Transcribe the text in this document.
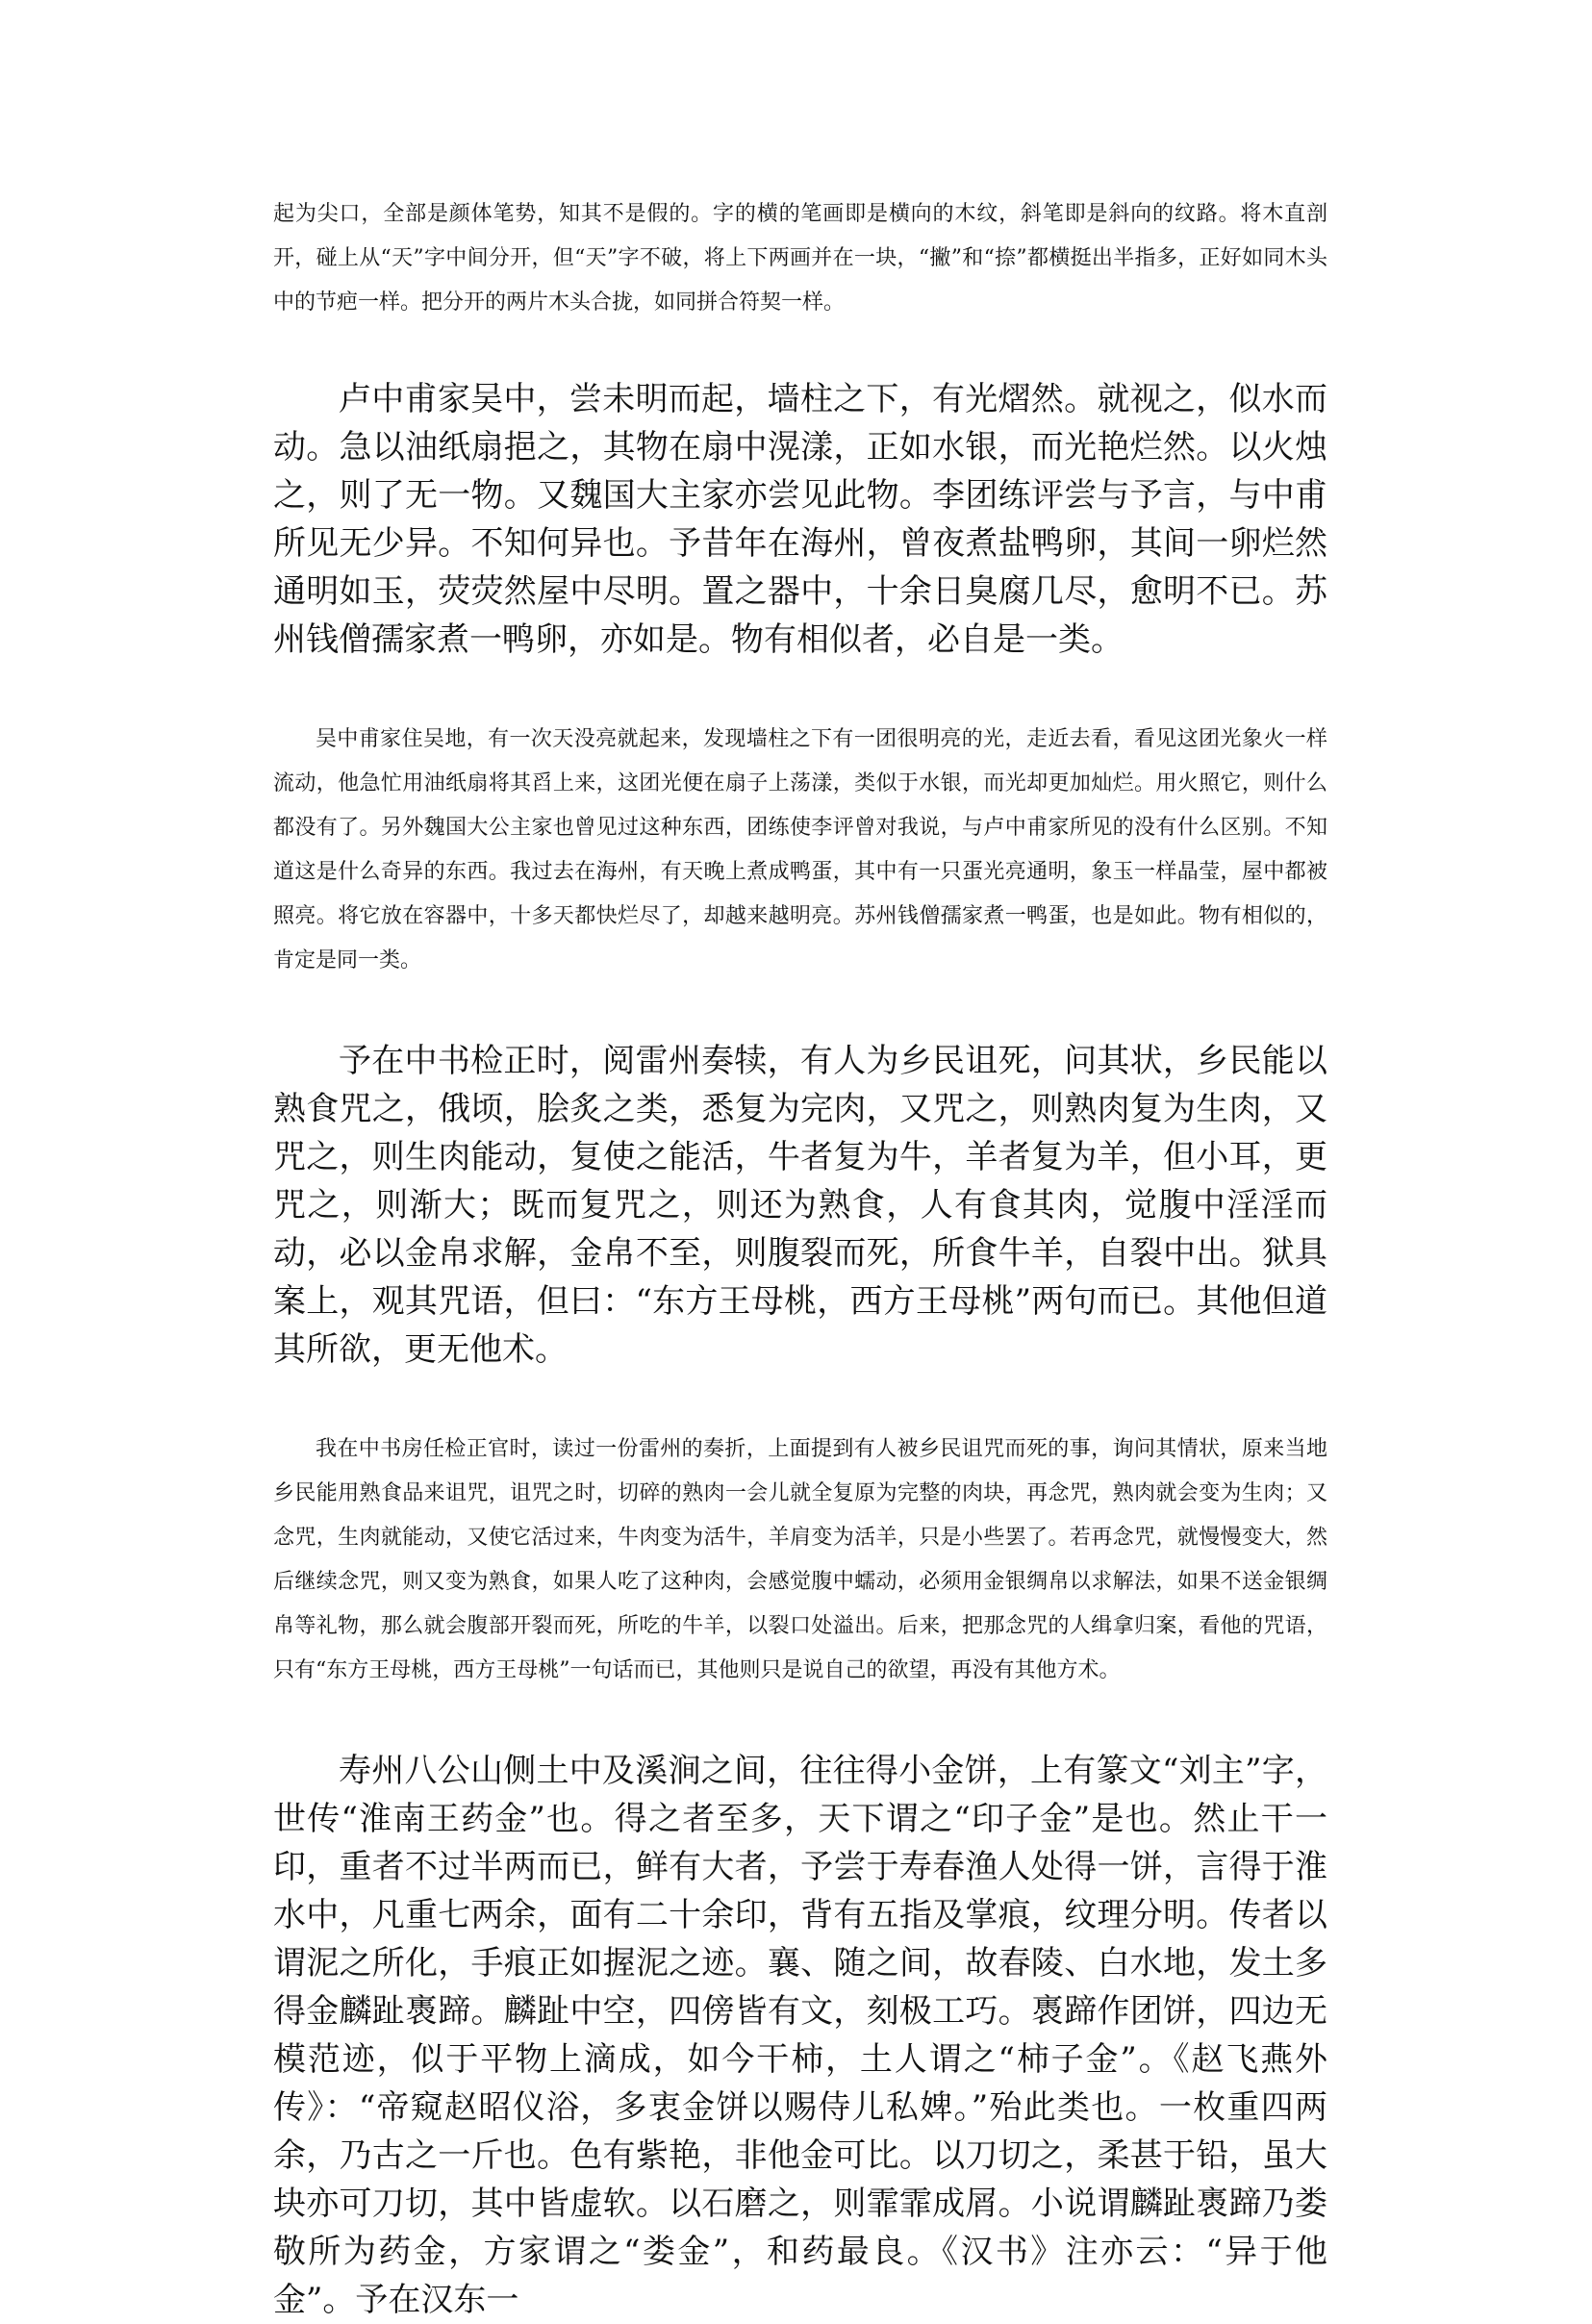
起为尖口，全部是颜体笔势，知其不是假的。字的横的笔画即是横向的木纹，斜笔即是斜向的纹路。将木直剖开，碰上从“天”字中间分开，但“天”字不破，将上下两画并在一块，“撇”和“捺”都横挺出半指多，正好如同木头中的节疤一样。把分开的两片木头合拢，如同拼合符契一样。

卢中甫家吴中，尝未明而起，墙柱之下，有光熠然。就视之，似水而动。急以油纸扇挹之，其物在扇中滉漾，正如水银，而光艳烂然。以火烛之，则了无一物。又魏国大主家亦尝见此物。李团练评尝与予言，与中甫所见无少异。不知何异也。予昔年在海州，曾夜煮盐鸭卵，其间一卵烂然通明如玉，荧荧然屋中尽明。置之器中，十余日臭腐几尽，愈明不已。苏州钱僧孺家煮一鸭卵，亦如是。物有相似者，必自是一类。

吴中甫家住吴地，有一次天没亮就起来，发现墙柱之下有一团很明亮的光，走近去看，看见这团光象火一样流动，他急忙用油纸扇将其舀上来，这团光便在扇子上荡漾，类似于水银，而光却更加灿烂。用火照它，则什么都没有了。另外魏国大公主家也曾见过这种东西，团练使李评曾对我说，与卢中甫家所见的没有什么区别。不知道这是什么奇异的东西。我过去在海州，有天晚上煮成鸭蛋，其中有一只蛋光亮通明，象玉一样晶莹，屋中都被照亮。将它放在容器中，十多天都快烂尽了，却越来越明亮。苏州钱僧孺家煮一鸭蛋，也是如此。物有相似的，肯定是同一类。

予在中书检正时，阅雷州奏犊，有人为乡民诅死，问其状，乡民能以熟食咒之，俄顷，脍炙之类，悉复为完肉，又咒之，则熟肉复为生肉，又咒之，则生肉能动，复使之能活，牛者复为牛，羊者复为羊，但小耳，更咒之，则渐大；既而复咒之，则还为熟食，人有食其肉，觉腹中淫淫而动，必以金帛求解，金帛不至，则腹裂而死，所食牛羊，自裂中出。狱具案上，观其咒语，但曰：“东方王母桃，西方王母桃”两句而已。其他但道其所欲，更无他术。

我在中书房任检正官时，读过一份雷州的奏折，上面提到有人被乡民诅咒而死的事，询问其情状，原来当地乡民能用熟食品来诅咒，诅咒之时，切碎的熟肉一会儿就全复原为完整的肉块，再念咒，熟肉就会变为生肉；又念咒，生肉就能动，又使它活过来，牛肉变为活牛，羊肩变为活羊，只是小些罢了。若再念咒，就慢慢变大，然后继续念咒，则又变为熟食，如果人吃了这种肉，会感觉腹中蠕动，必须用金银绸帛以求解法，如果不送金银绸帛等礼物，那么就会腹部开裂而死，所吃的牛羊，以裂口处溢出。后来，把那念咒的人缉拿归案，看他的咒语，只有“东方王母桃，西方王母桃”一句话而已，其他则只是说自己的欲望，再没有其他方术。

寿州八公山侧土中及溪涧之间，往往得小金饼，上有篆文“刘主”字，世传“淮南王药金”也。得之者至多，天下谓之“印子金”是也。然止干一印，重者不过半两而已，鲜有大者，予尝于寿春渔人处得一饼，言得于淮水中，凡重七两余，面有二十余印，背有五指及掌痕，纹理分明。传者以谓泥之所化，手痕正如握泥之迹。襄、随之间，故春陵、白水地，发土多得金麟趾褭蹄。麟趾中空，四傍皆有文，刻极工巧。褭蹄作团饼，四边无模范迹，似于平物上滴成，如今干柿，土人谓之“柿子金”。《赵飞燕外传》：“帝窥赵昭仪浴，多衷金饼以赐侍儿私婢。”殆此类也。一枚重四两余，乃古之一斤也。色有紫艳，非他金可比。以刀切之，柔甚于铅，虽大块亦可刀切，其中皆虚软。以石磨之，则霏霏成屑。小说谓麟趾褭蹄乃娄敬所为药金，方家谓之“娄金”，和药最良。《汉书》注亦云：“异于他金”。予在汉东一
